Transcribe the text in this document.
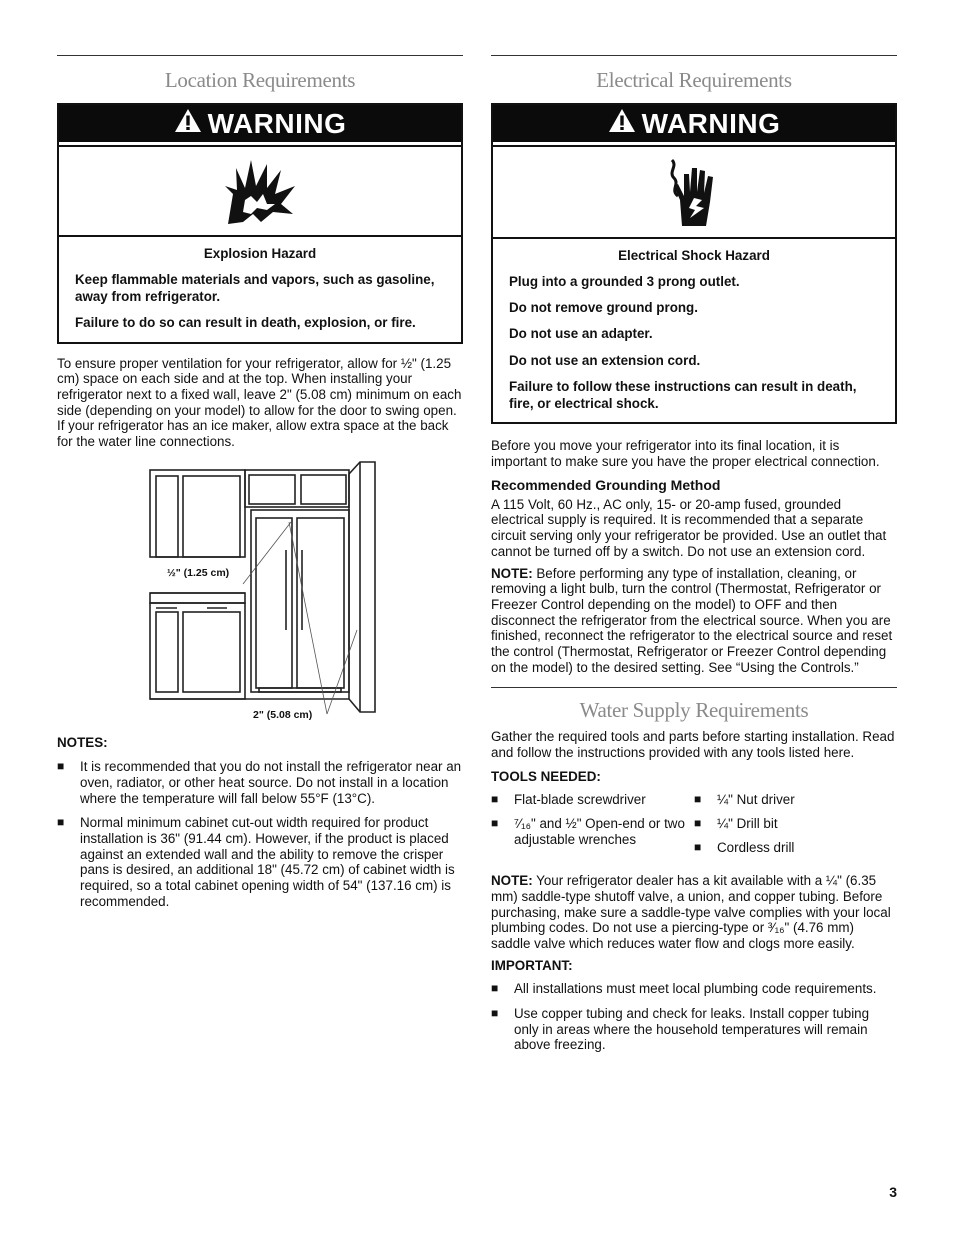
Location Requirements
WARNING
Explosion Hazard

Keep flammable materials and vapors, such as gasoline, away from refrigerator.

Failure to do so can result in death, explosion, or fire.

To ensure proper ventilation for your refrigerator, allow for ½" (1.25 cm) space on each side and at the top. When installing your refrigerator next to a fixed wall, leave 2" (5.08 cm) minimum on each side (depending on your model) to allow for the door to swing open. If your refrigerator has an ice maker, allow extra space at the back for the water line connections.

½" (1.25 cm)
2" (5.08 cm)

NOTES:

■ It is recommended that you do not install the refrigerator near an oven, radiator, or other heat source. Do not install in a location where the temperature will fall below 55°F (13°C).
■ Normal minimum cabinet cut-out width required for product installation is 36" (91.44 cm). However, if the product is placed against an extended wall and the ability to remove the crisper pans is desired, an additional 18" (45.72 cm) of cabinet width is required, so a total cabinet opening width of 54" (137.16 cm) is recommended.
Electrical Requirements
WARNING
Electrical Shock Hazard

Plug into a grounded 3 prong outlet.

Do not remove ground prong.

Do not use an adapter.

Do not use an extension cord.

Failure to follow these instructions can result in death, fire, or electrical shock.

Before you move your refrigerator into its final location, it is important to make sure you have the proper electrical connection.

Recommended Grounding Method

A 115 Volt, 60 Hz., AC only, 15- or 20-amp fused, grounded electrical supply is required. It is recommended that a separate circuit serving only your refrigerator be provided. Use an outlet that cannot be turned off by a switch. Do not use an extension cord.

NOTE: Before performing any type of installation, cleaning, or removing a light bulb, turn the control (Thermostat, Refrigerator or Freezer Control depending on the model) to OFF and then disconnect the refrigerator from the electrical source. When you are finished, reconnect the refrigerator to the electrical source and reset the control (Thermostat, Refrigerator or Freezer Control depending on the model) to the desired setting. See “Using the Controls.”

Water Supply Requirements

Gather the required tools and parts before starting installation. Read and follow the instructions provided with any tools listed here.

TOOLS NEEDED:

■ Flat-blade screwdriver
■ ⁷⁄₁₆" and ½" Open-end or two adjustable wrenches
■ ¼" Nut driver
■ ¼" Drill bit
■ Cordless drill

NOTE: Your refrigerator dealer has a kit available with a ¼" (6.35 mm) saddle-type shutoff valve, a union, and copper tubing. Before purchasing, make sure a saddle-type valve complies with your local plumbing codes. Do not use a piercing-type or ³⁄₁₆" (4.76 mm) saddle valve which reduces water flow and clogs more easily.

IMPORTANT:

■ All installations must meet local plumbing code requirements.
■ Use copper tubing and check for leaks. Install copper tubing only in areas where the household temperatures will remain above freezing.
3
